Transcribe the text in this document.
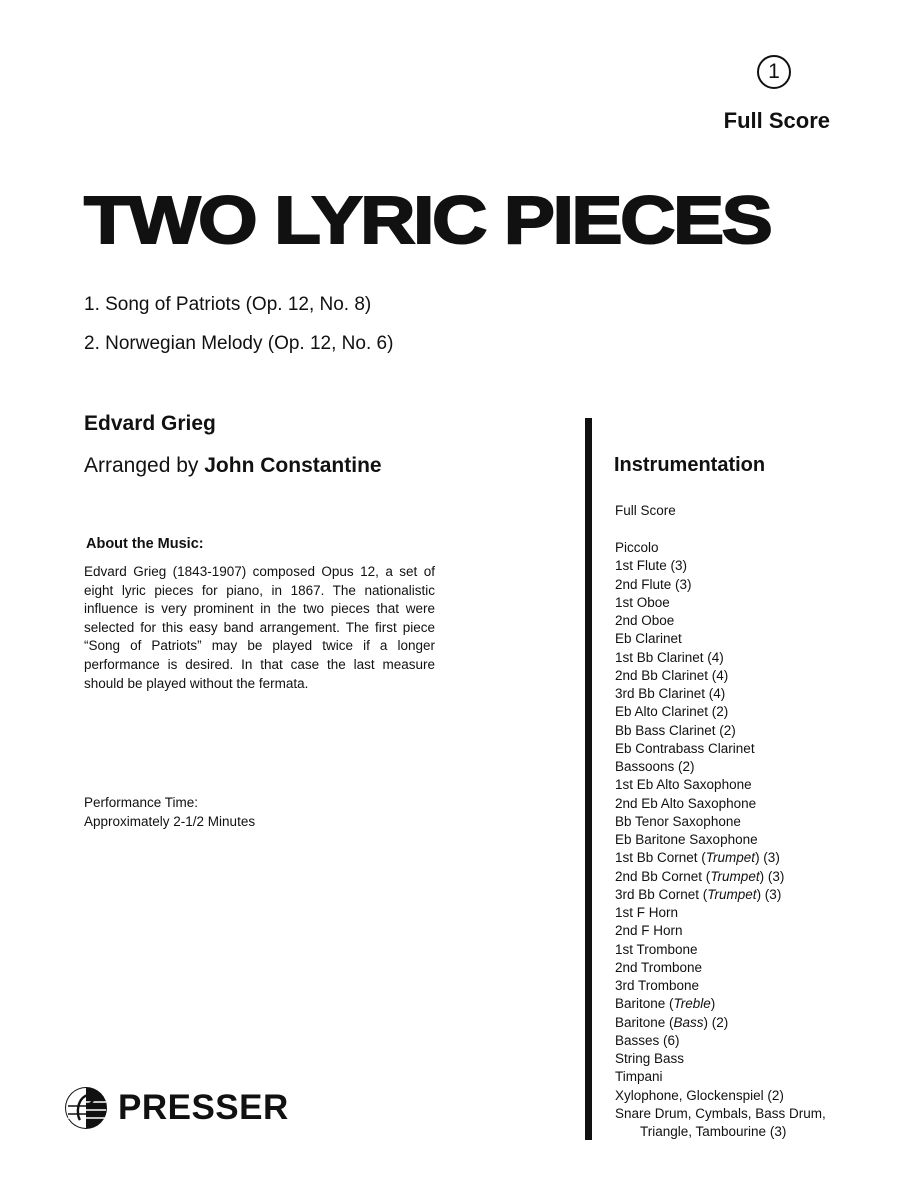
1
Full Score
TWO LYRIC PIECES
1. Song of Patriots (Op. 12, No. 8)
2. Norwegian Melody (Op. 12, No. 6)
Edvard Grieg
Arranged by John Constantine
About the Music:
Edvard Grieg (1843-1907) composed Opus 12, a set of eight lyric pieces for piano, in 1867. The nationalistic influence is very prominent in the two pieces that were selected for this easy band arrangement. The first piece “Song of Patriots” may be played twice if a longer performance is desired. In that case the last measure should be played without the fermata.
Performance Time:
Approximately 2-1/2 Minutes
Instrumentation
Full Score
Piccolo
1st Flute (3)
2nd Flute (3)
1st Oboe
2nd Oboe
Eb Clarinet
1st Bb Clarinet (4)
2nd Bb Clarinet (4)
3rd Bb Clarinet (4)
Eb Alto Clarinet (2)
Bb Bass Clarinet (2)
Eb Contrabass Clarinet
Bassoons (2)
1st Eb Alto Saxophone
2nd Eb Alto Saxophone
Bb Tenor Saxophone
Eb Baritone Saxophone
1st Bb Cornet (Trumpet) (3)
2nd Bb Cornet (Trumpet) (3)
3rd Bb Cornet (Trumpet) (3)
1st F Horn
2nd F Horn
1st Trombone
2nd Trombone
3rd Trombone
Baritone (Treble)
Baritone (Bass) (2)
Basses (6)
String Bass
Timpani
Xylophone, Glockenspiel (2)
Snare Drum, Cymbals, Bass Drum, Triangle, Tambourine (3)
PRESSER
